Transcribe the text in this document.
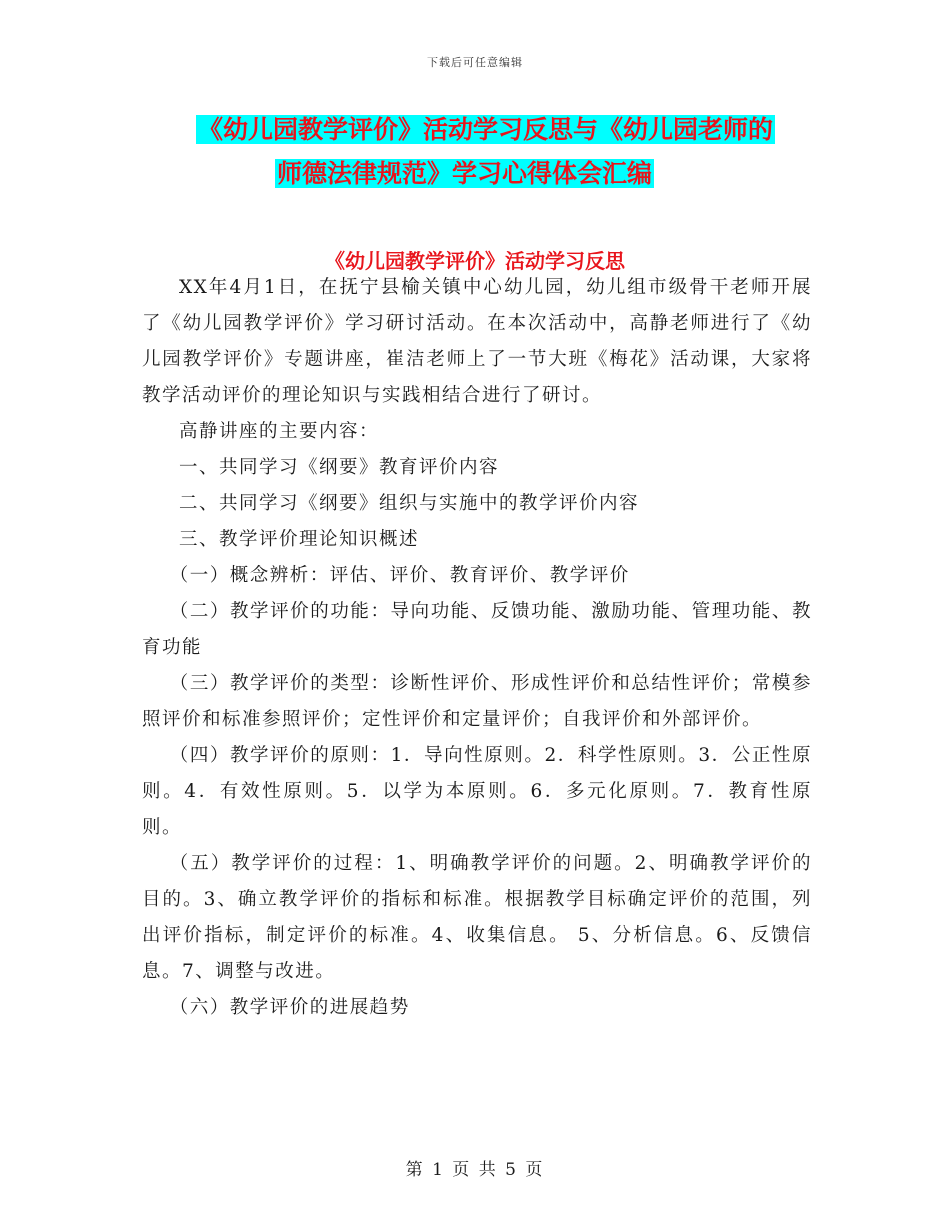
下载后可任意编辑
《幼儿园教学评价》活动学习反思与《幼儿园老师的
师德法律规范》学习心得体会汇编
《幼儿园教学评价》活动学习反思

XX年4月1日，在抚宁县榆关镇中心幼儿园，幼儿组市级骨干老师开展了《幼儿园教学评价》学习研讨活动。在本次活动中，高静老师进行了《幼儿园教学评价》专题讲座，崔洁老师上了一节大班《梅花》活动课，大家将教学活动评价的理论知识与实践相结合进行了研讨。

高静讲座的主要内容：

一、共同学习《纲要》教育评价内容

二、共同学习《纲要》组织与实施中的教学评价内容

三、教学评价理论知识概述

（一）概念辨析：评估、评价、教育评价、教学评价

（二）教学评价的功能：导向功能、反馈功能、激励功能、管理功能、教育功能

（三）教学评价的类型：诊断性评价、形成性评价和总结性评价；常模参照评价和标准参照评价；定性评价和定量评价；自我评价和外部评价。

（四）教学评价的原则：1．导向性原则。2．科学性原则。3．公正性原则。4．有效性原则。5．以学为本原则。6．多元化原则。7．教育性原则。

（五）教学评价的过程：1、明确教学评价的问题。2、明确教学评价的目的。3、确立教学评价的指标和标准。根据教学目标确定评价的范围，列出评价指标，制定评价的标准。4、收集信息。 5、分析信息。6、反馈信息。7、调整与改进。

（六）教学评价的进展趋势

第 1 页 共 5 页
